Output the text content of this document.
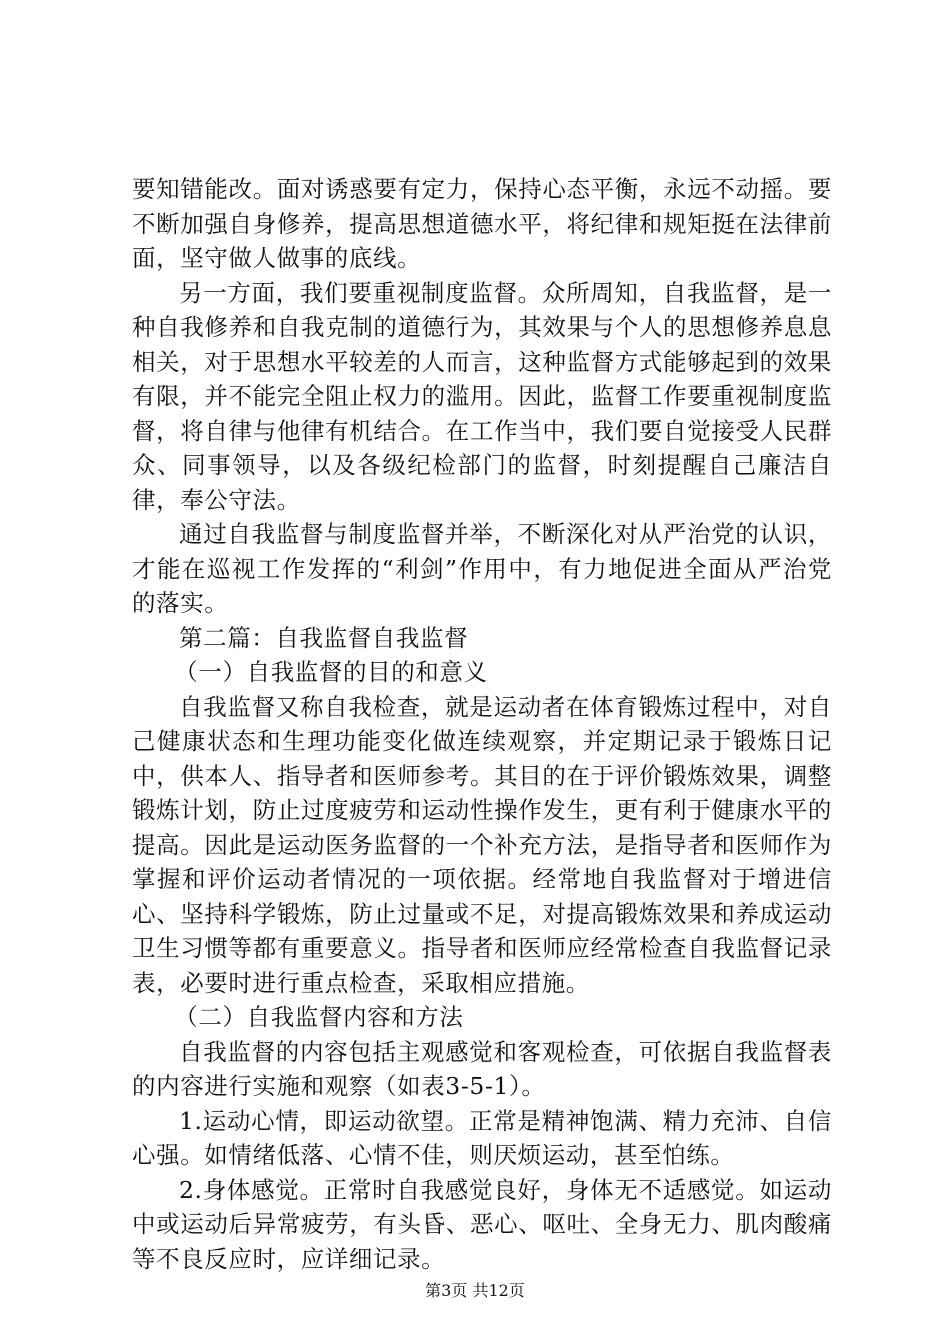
要知错能改。面对诱惑要有定力，保持心态平衡，永远不动摇。要不断加强自身修养，提高思想道德水平，将纪律和规矩挺在法律前面，坚守做人做事的底线。

另一方面，我们要重视制度监督。众所周知，自我监督，是一种自我修养和自我克制的道德行为，其效果与个人的思想修养息息相关，对于思想水平较差的人而言，这种监督方式能够起到的效果有限，并不能完全阻止权力的滥用。因此，监督工作要重视制度监督，将自律与他律有机结合。在工作当中，我们要自觉接受人民群众、同事领导，以及各级纪检部门的监督，时刻提醒自己廉洁自律，奉公守法。

通过自我监督与制度监督并举，不断深化对从严治党的认识，才能在巡视工作发挥的“利剑”作用中，有力地促进全面从严治党的落实。

第二篇：自我监督自我监督

（一）自我监督的目的和意义

自我监督又称自我检查，就是运动者在体育锻炼过程中，对自己健康状态和生理功能变化做连续观察，并定期记录于锻炼日记中，供本人、指导者和医师参考。其目的在于评价锻炼效果，调整锻炼计划，防止过度疲劳和运动性操作发生，更有利于健康水平的提高。因此是运动医务监督的一个补充方法，是指导者和医师作为掌握和评价运动者情况的一项依据。经常地自我监督对于增进信心、坚持科学锻炼，防止过量或不足，对提高锻炼效果和养成运动卫生习惯等都有重要意义。指导者和医师应经常检查自我监督记录表，必要时进行重点检查，采取相应措施。

（二）自我监督内容和方法

自我监督的内容包括主观感觉和客观检查，可依据自我监督表的内容进行实施和观察（如表3-5-1）。

1.运动心情，即运动欲望。正常是精神饱满、精力充沛、自信心强。如情绪低落、心情不佳，则厌烦运动，甚至怕练。

2.身体感觉。正常时自我感觉良好，身体无不适感觉。如运动中或运动后异常疲劳，有头昏、恶心、呕吐、全身无力、肌肉酸痛等不良反应时，应详细记录。

第3页 共12页
